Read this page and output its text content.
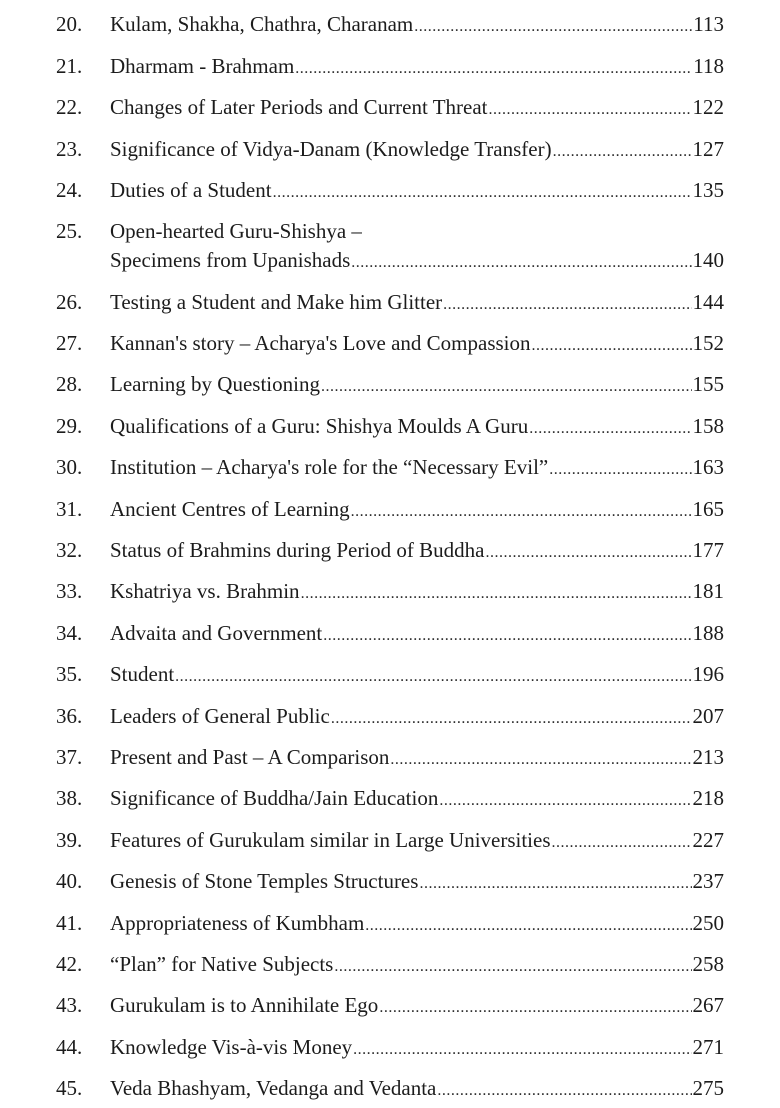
20.	Kulam, Shakha, Chathra, Charanam .....	113
21.	Dharmam - Brahmam .....	118
22.	Changes of Later Periods and Current Threat .....	122
23.	Significance of Vidya-Danam (Knowledge Transfer) .....	127
24.	Duties of a Student .....	135
25.	Open-hearted Guru-Shishya –
Specimens from Upanishads .....	140
26.	Testing a Student and Make him Glitter .....	144
27.	Kannan's story – Acharya's Love and Compassion .....	152
28.	Learning by Questioning .....	155
29.	Qualifications of a Guru: Shishya Moulds A Guru .....	158
30.	Institution – Acharya's role for the “Necessary Evil” .....	163
31.	Ancient Centres of Learning .....	165
32.	Status of Brahmins during Period of Buddha .....	177
33.	Kshatriya vs. Brahmin .....	181
34.	Advaita and Government .....	188
35.	Student .....	196
36.	Leaders of General Public .....	207
37.	Present and Past – A Comparison .....	213
38.	Significance of Buddha/Jain Education .....	218
39.	Features of Gurukulam similar in Large Universities .....	227
40.	Genesis of Stone Temples Structures .....	237
41.	Appropriateness of Kumbham .....	250
42.	“Plan” for Native Subjects .....	258
43.	Gurukulam is to Annihilate Ego .....	267
44.	Knowledge Vis-à-vis Money .....	271
45.	Veda Bhashyam, Vedanga and Vedanta .....	275
